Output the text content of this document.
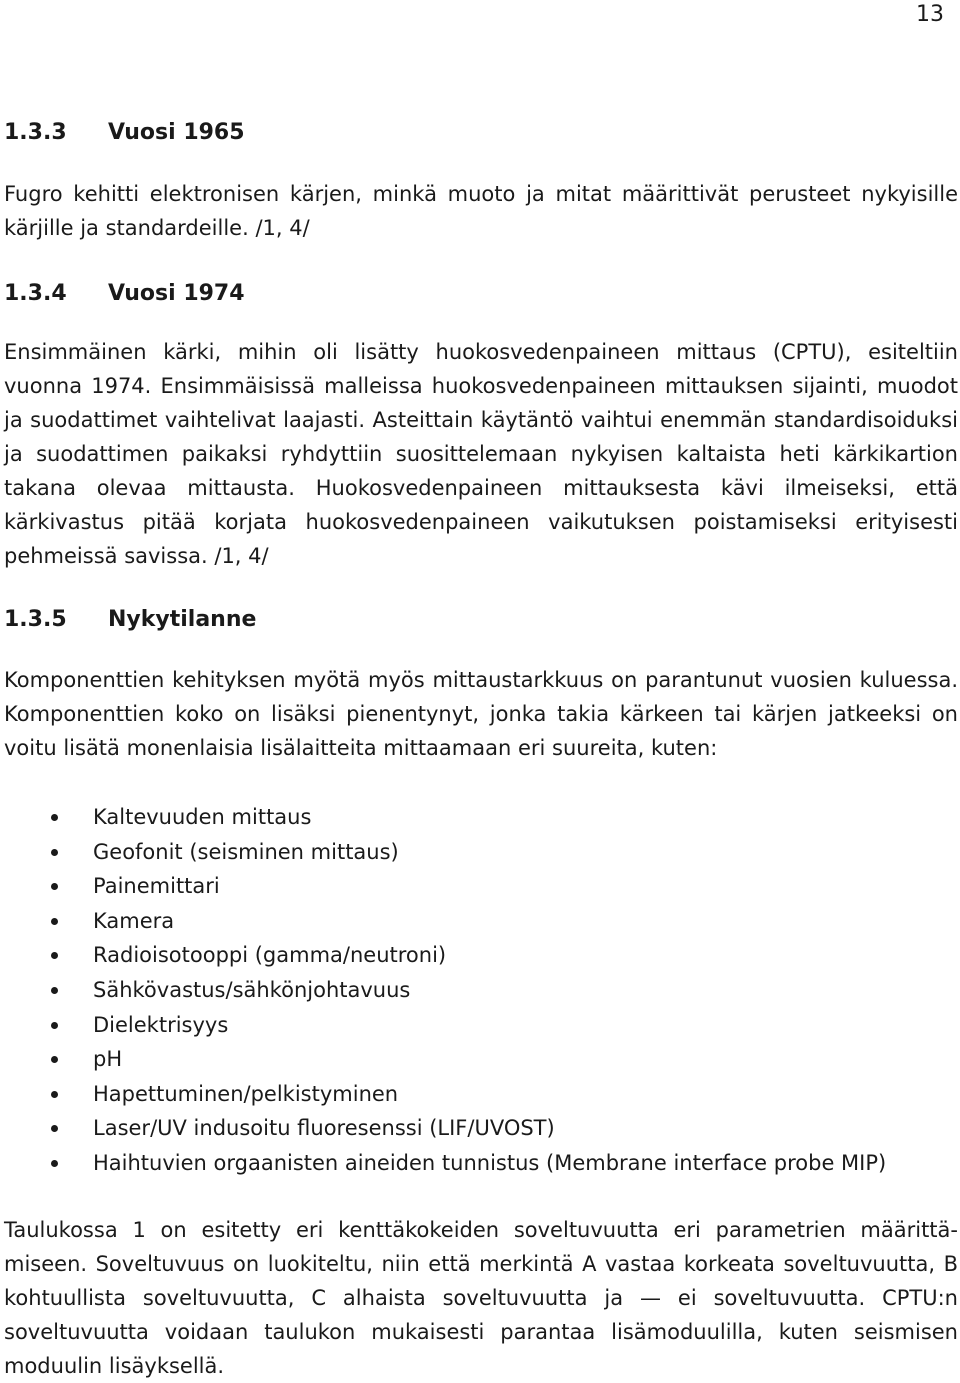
13
1.3.3 Vuosi 1965

Fugro kehitti elektronisen kärjen, minkä muoto ja mitat määrittivät perusteet nykyisille kärjille ja standardeille. /1, 4/

1.3.4 Vuosi 1974

Ensimmäinen kärki, mihin oli lisätty huokosvedenpaineen mittaus (CPTU), esiteltiin vuonna 1974. Ensimmäisissä malleissa huokosvedenpaineen mittauksen sijainti, muodot ja suodattimet vaihtelivat laajasti. Asteittain käytäntö vaihtui enemmän standardisoiduksi ja suodattimen paikaksi ryhdyttiin suosittelemaan nykyisen kaltaista heti kärkikartion takana olevaa mittausta. Huokosvedenpaineen mittauksesta kävi ilmeiseksi, että kärkivastus pitää korjata huokosvedenpaineen vaikutuksen poistamiseksi erityisesti pehmeissä savissa. /1, 4/

1.3.5 Nykytilanne

Komponenttien kehityksen myötä myös mittaustarkkuus on parantunut vuosien kuluessa. Komponenttien koko on lisäksi pienentynyt, jonka takia kärkeen tai kärjen jatkeeksi on voitu lisätä monenlaisia lisälaitteita mittaamaan eri suureita, kuten:

Kaltevuuden mittaus
Geofonit (seisminen mittaus)
Painemittari
Kamera
Radioisotooppi (gamma/neutroni)
Sähkövastus/sähkönjohtavuus
Dielektrisyys
pH
Hapettuminen/pelkistyminen
Laser/UV indusoitu fluoresenssi (LIF/UVOST)
Haihtuvien orgaanisten aineiden tunnistus (Membrane interface probe MIP)

Taulukossa 1 on esitetty eri kenttäkokeiden soveltuvuutta eri parametrien määrittämiseen. Soveltuvuus on luokiteltu, niin että merkintä A vastaa korkeata soveltuvuutta, B kohtuullista soveltuvuutta, C alhaista soveltuvuutta ja — ei soveltuvuutta. CPTU:n soveltuvuutta voidaan taulukon mukaisesti parantaa lisämoduulilla, kuten seismisen moduulin lisäyksellä.
